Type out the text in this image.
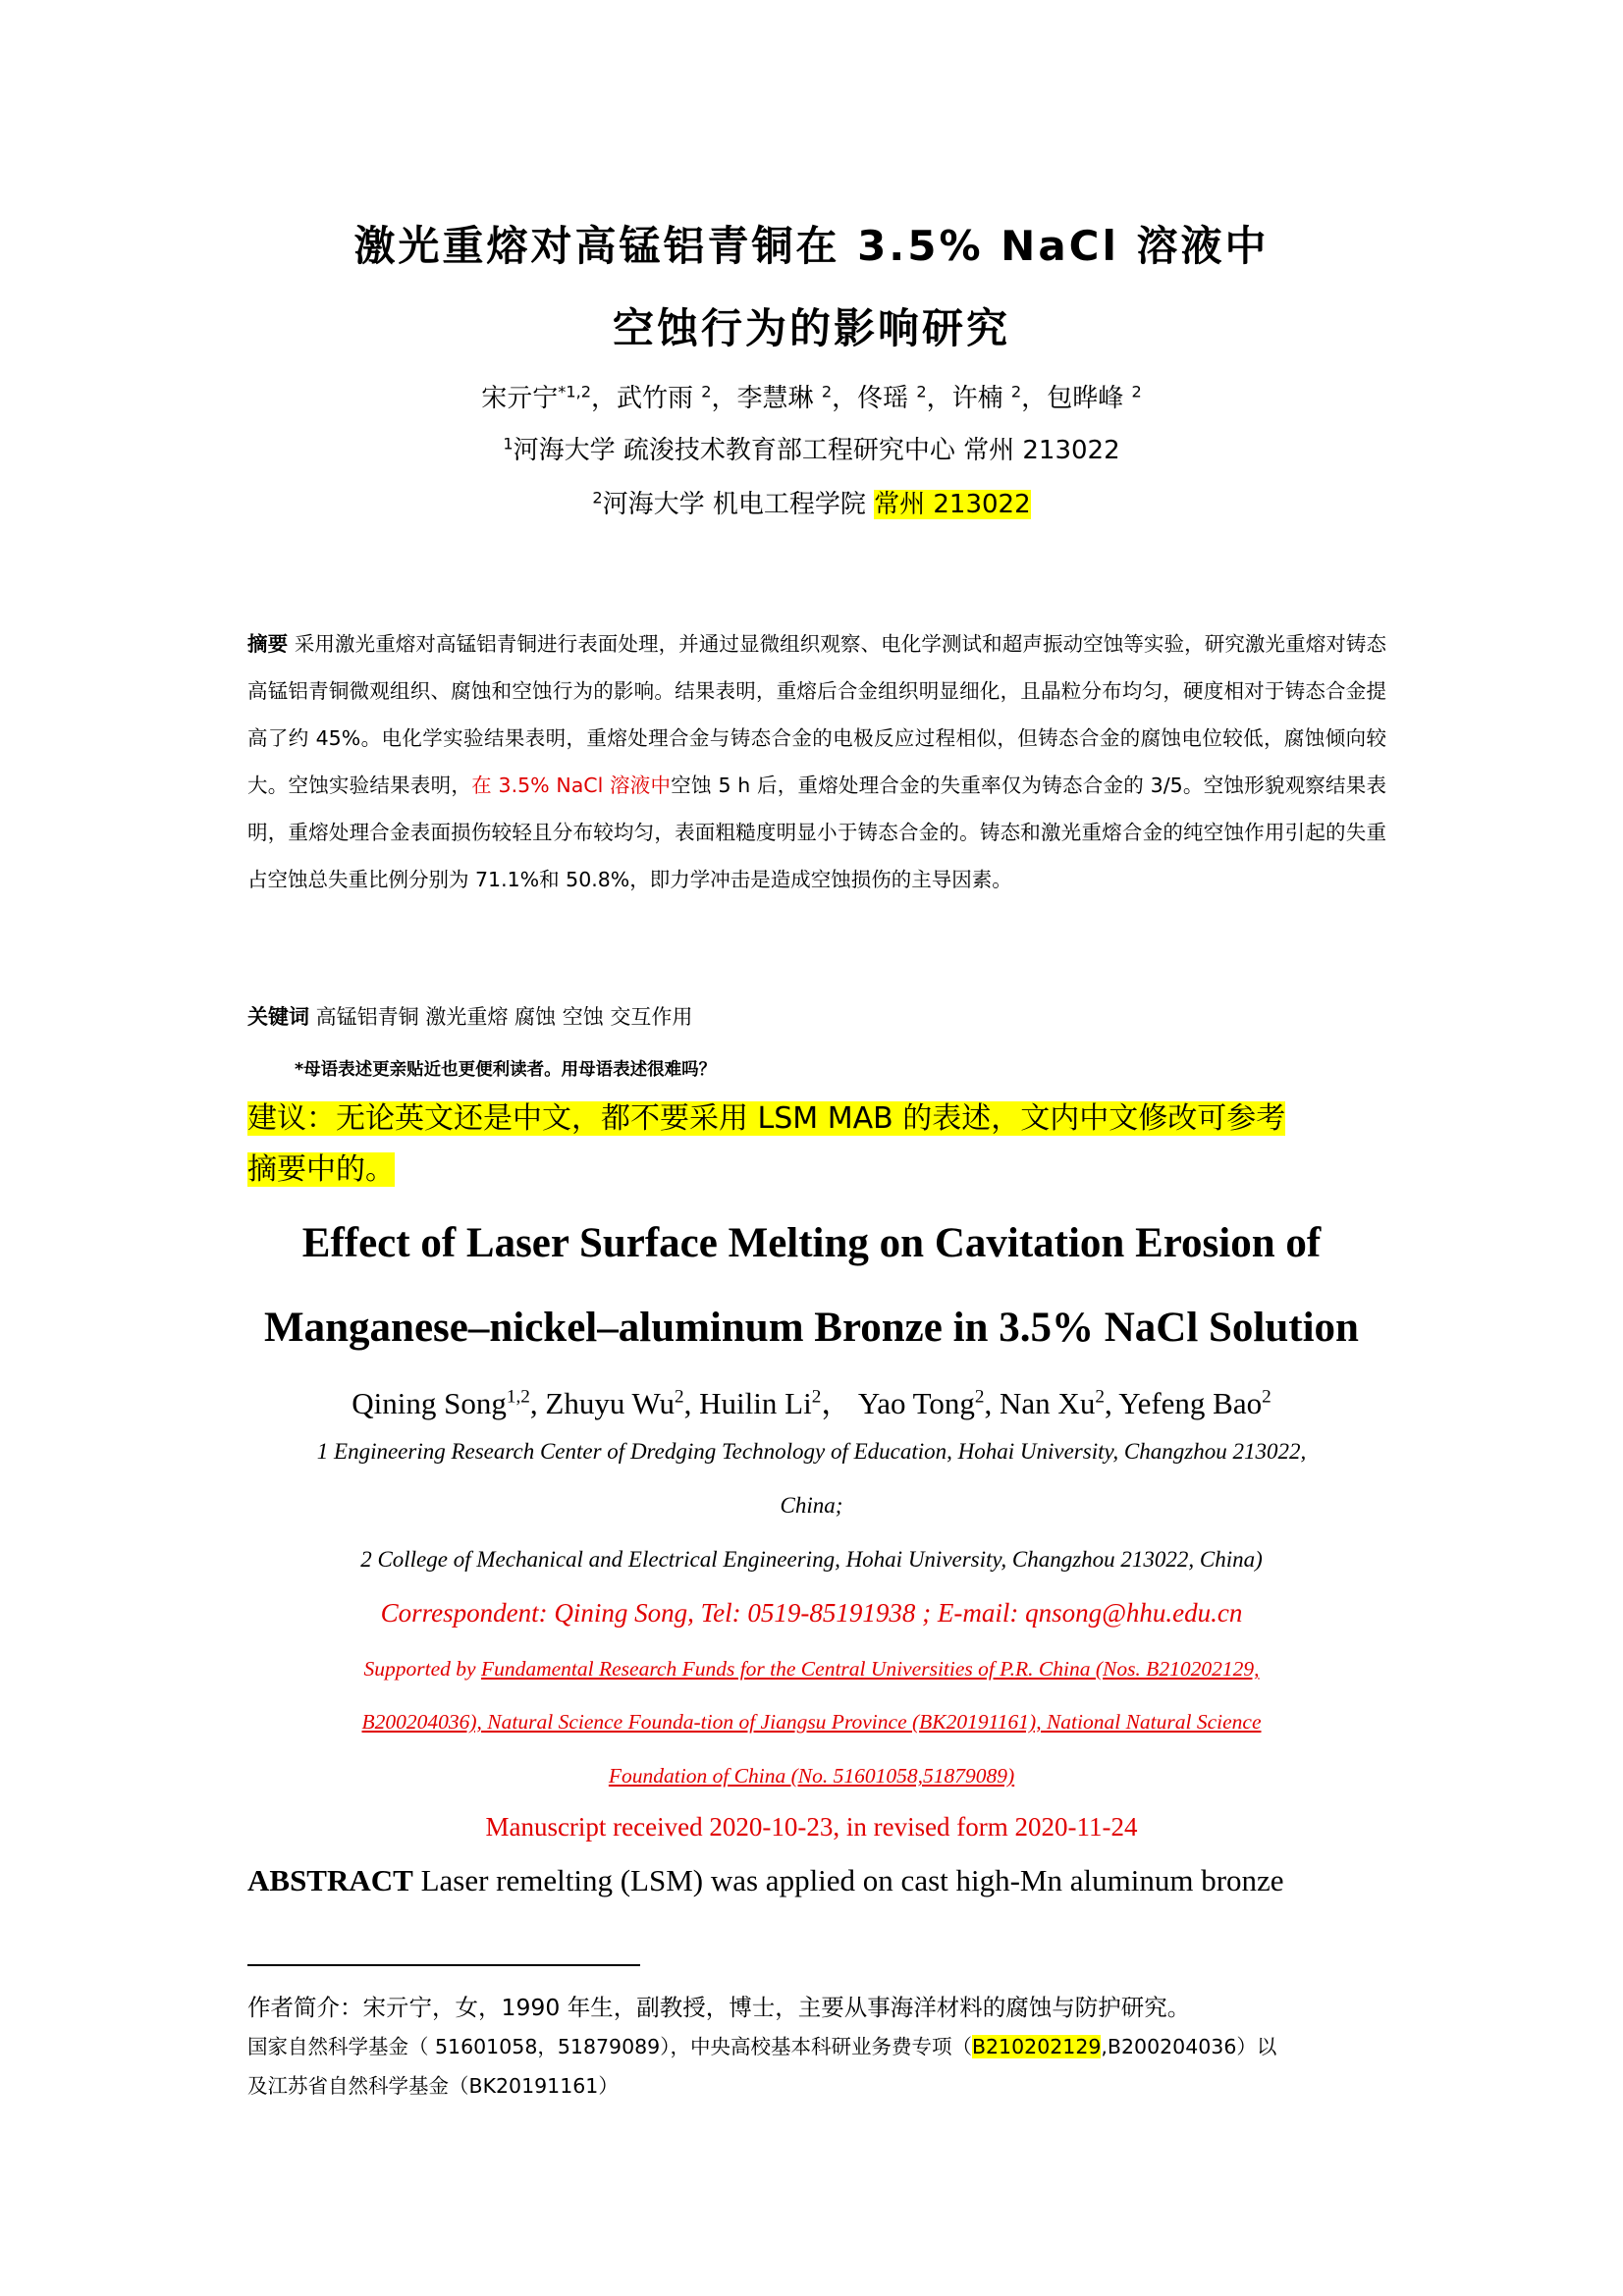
激光重熔对高锰铝青铜在 3.5% NaCl 溶液中
空蚀行为的影响研究
宋亓宁$^{*1,2}$，武竹雨 $^2$，李慧琳 $^2$，佟瑶 $^2$，许楠 $^2$，包晔峰 $^2$
$^1$河海大学 疏浚技术教育部工程研究中心 常州 213022
$^2$河海大学 机电工程学院 常州 213022
摘要 采用激光重熔对高锰铝青铜进行表面处理，并通过显微组织观察、电化学测试和超声振动空蚀等实验，研究激光重熔对铸态高锰铝青铜微观组织、腐蚀和空蚀行为的影响。结果表明，重熔后合金组织明显细化，且晶粒分布均匀，硬度相对于铸态合金提高了约 45%。电化学实验结果表明，重熔处理合金与铸态合金的电极反应过程相似，但铸态合金的腐蚀电位较低，腐蚀倾向较大。空蚀实验结果表明，在 3.5% NaCl 溶液中空蚀 5 h 后，重熔处理合金的失重率仅为铸态合金的 3/5。空蚀形貌观察结果表明，重熔处理合金表面损伤较轻且分布较均匀，表面粗糙度明显小于铸态合金的。铸态和激光重熔合金的纯空蚀作用引起的失重占空蚀总失重比例分别为 71.1%和 50.8%，即力学冲击是造成空蚀损伤的主导因素。
关键词 高锰铝青铜 激光重熔 腐蚀 空蚀 交互作用
*母语表述更亲贴近也更便利读者。用母语表述很难吗？
建议：无论英文还是中文，都不要采用 LSM MAB 的表述，文内中文修改可参考
摘要中的。
Effect of Laser Surface Melting on Cavitation Erosion of
Manganese–nickel–aluminum Bronze in 3.5% NaCl Solution
Qining Song$^{1,2}$, Zhuyu Wu$^2$, Huilin Li$^2$， Yao Tong$^2$, Nan Xu$^2$, Yefeng Bao$^2$
1 Engineering Research Center of Dredging Technology of Education, Hohai University, Changzhou 213022,
China;
2 College of Mechanical and Electrical Engineering, Hohai University, Changzhou 213022, China)
Correspondent: Qining Song, Tel: 0519-85191938 ; E-mail: qnsong@hhu.edu.cn
Supported by Fundamental Research Funds for the Central Universities of P.R. China (Nos. B210202129,
B200204036), Natural Science Founda-tion of Jiangsu Province (BK20191161), National Natural Science
Foundation of China (No. 51601058,51879089)
Manuscript received 2020-10-23, in revised form 2020-11-24
ABSTRACT Laser remelting (LSM) was applied on cast high-Mn aluminum bronze
作者简介：宋亓宁，女，1990 年生，副教授，博士，主要从事海洋材料的腐蚀与防护研究。
国家自然科学基金（ 51601058，51879089），中央高校基本科研业务费专项（B210202129,B200204036）以
及江苏省自然科学基金（BK20191161）
